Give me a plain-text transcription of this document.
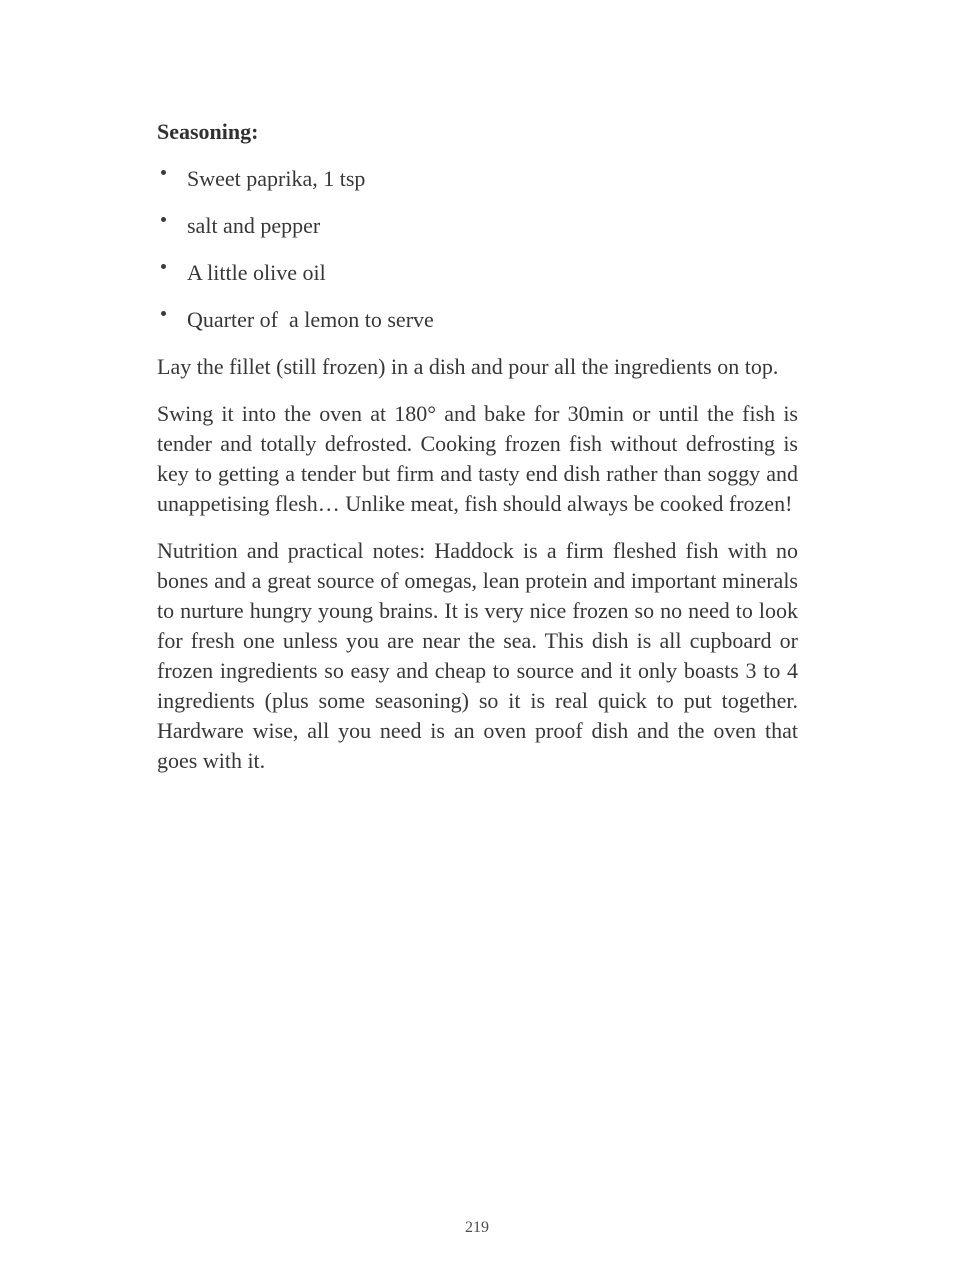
Seasoning:
Sweet paprika, 1 tsp
salt and pepper
A little olive oil
Quarter of  a lemon to serve

Lay the fillet (still frozen) in a dish and pour all the ingredients on top.

Swing it into the oven at 180° and bake for 30min or until the fish is tender and totally defrosted. Cooking frozen fish without defrosting is key to getting a tender but firm and tasty end dish rather than soggy and unappetising flesh… Unlike meat, fish should always be cooked frozen!

Nutrition and practical notes: Haddock is a firm fleshed fish with no bones and a great source of omegas, lean protein and important minerals to nurture hungry young brains. It is very nice frozen so no need to look for fresh one unless you are near the sea. This dish is all cupboard or frozen ingredients so easy and cheap to source and it only boasts 3 to 4 ingredients (plus some seasoning) so it is real quick to put together. Hardware wise, all you need is an oven proof dish and the oven that goes with it.

219
